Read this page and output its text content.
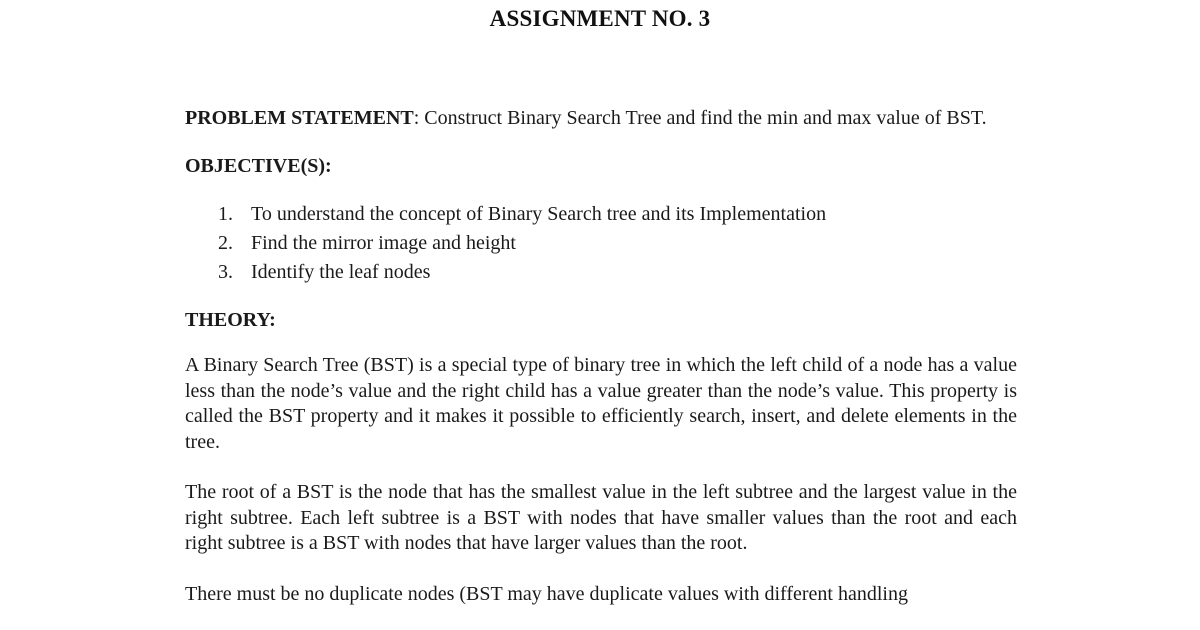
ASSIGNMENT NO. 3

PROBLEM STATEMENT: Construct Binary Search Tree and find the min and max value of BST.

OBJECTIVE(S):
1. To understand the concept of Binary Search tree and its Implementation
2. Find the mirror image and height
3. Identify the leaf nodes
THEORY:

A Binary Search Tree (BST) is a special type of binary tree in which the left child of a node has a value less than the node’s value and the right child has a value greater than the node’s value. This property is called the BST property and it makes it possible to efficiently search, insert, and delete elements in the tree.

The root of a BST is the node that has the smallest value in the left subtree and the largest value in the right subtree. Each left subtree is a BST with nodes that have smaller values than the root and each right subtree is a BST with nodes that have larger values than the root.

There must be no duplicate nodes (BST may have duplicate values with different handling
